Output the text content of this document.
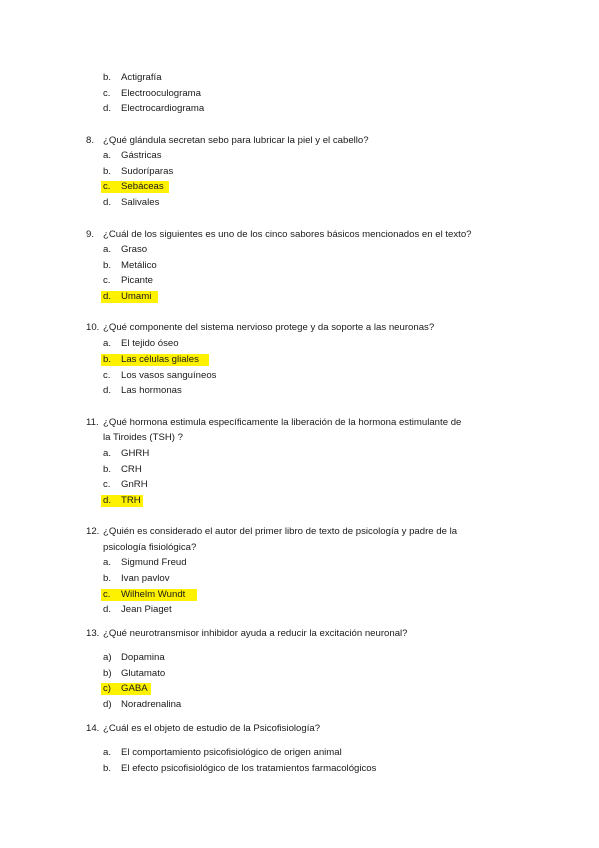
b. Actigrafía
c. Electrooculograma
d. Electrocardiograma
8. ¿Qué glándula secretan sebo para lubricar la piel y el cabello?
a. Gástricas
b. Sudoríparas
c. Sebáceas
d. Salivales
9. ¿Cuál de los siguientes es uno de los cinco sabores básicos mencionados en el texto?
a. Graso
b. Metálico
c. Picante
d. Umami
10. ¿Qué componente del sistema nervioso protege y da soporte a las neuronas?
a. El tejido óseo
b. Las células gliales
c. Los vasos sanguíneos
d. Las hormonas
11. ¿Qué hormona estimula específicamente la liberación de la hormona estimulante de
la Tiroides (TSH) ?
a. GHRH
b. CRH
c. GnRH
d. TRH
12. ¿Quién es considerado el autor del primer libro de texto de psicología y padre de la
psicología fisiológica?
a. Sigmund Freud
b. Ivan pavlov
c. Wilhelm Wundt
d. Jean Piaget
13. ¿Qué neurotransmisor inhibidor ayuda a reducir la excitación neuronal?
a) Dopamina
b) Glutamato
c) GABA
d) Noradrenalina
14. ¿Cuál es el objeto de estudio de la Psicofisiología?
a. El comportamiento psicofisiológico de origen animal
b. El efecto psicofisiológico de los tratamientos farmacológicos
